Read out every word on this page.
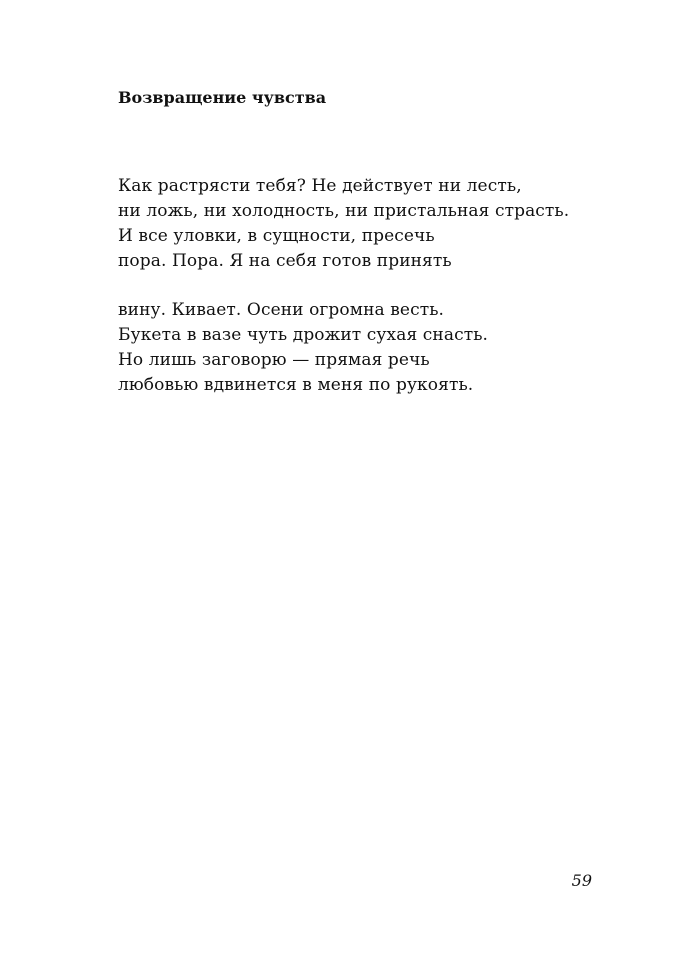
Возвращение чувства
Как растрясти тебя? Не действует ни лесть,
ни ложь, ни холодность, ни пристальная страсть.
И все уловки, в сущности, пресечь
пора. Пора. Я на себя готов принять
вину. Кивает. Осени огромна весть.
Букета в вазе чуть дрожит сухая снасть.
Но лишь заговорю — прямая речь
любовью вдвинется в меня по рукоять.
59
